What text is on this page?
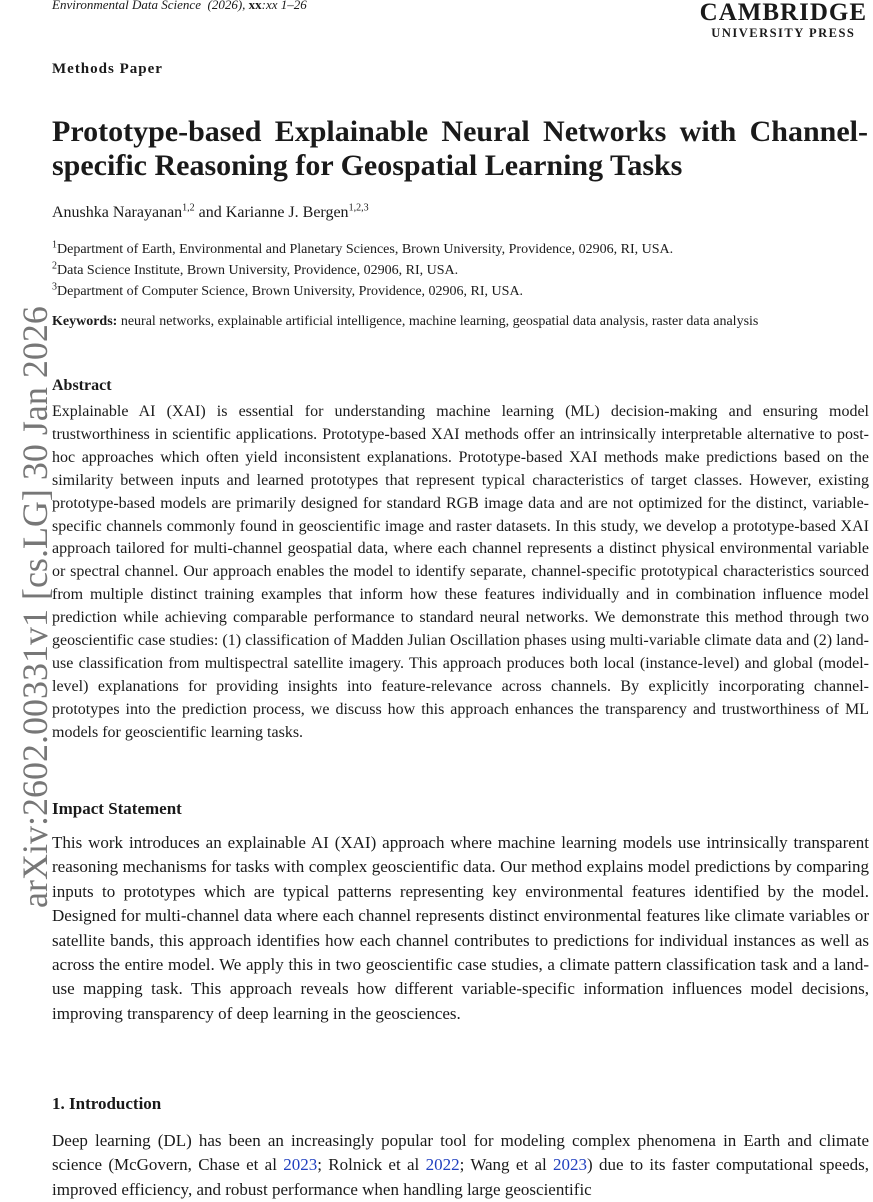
Environmental Data Science (2026), xx:xx 1–26	CAMBRIDGE
UNIVERSITY PRESS
Methods Paper
Prototype-based Explainable Neural Networks with Channel-specific Reasoning for Geospatial Learning Tasks
Anushka Narayanan$^{1,2}$ and Karianne J. Bergen$^{1,2,3}$
$^1$Department of Earth, Environmental and Planetary Sciences, Brown University, Providence, 02906, RI, USA.
$^2$Data Science Institute, Brown University, Providence, 02906, RI, USA.
$^3$Department of Computer Science, Brown University, Providence, 02906, RI, USA.
Keywords: neural networks, explainable artificial intelligence, machine learning, geospatial data analysis, raster data analysis
Abstract
Explainable AI (XAI) is essential for understanding machine learning (ML) decision-making and ensuring model trustworthiness in scientific applications. Prototype-based XAI methods offer an intrinsically interpretable alternative to post-hoc approaches which often yield inconsistent explanations. Prototype-based XAI methods make predictions based on the similarity between inputs and learned prototypes that represent typical characteristics of target classes. However, existing prototype-based models are primarily designed for standard RGB image data and are not optimized for the distinct, variable-specific channels commonly found in geoscientific image and raster datasets. In this study, we develop a prototype-based XAI approach tailored for multi-channel geospatial data, where each channel represents a distinct physical environmental variable or spectral channel. Our approach enables the model to identify separate, channel-specific prototypical characteristics sourced from multiple distinct training examples that inform how these features individually and in combination influence model prediction while achieving comparable performance to standard neural networks. We demonstrate this method through two geoscientific case studies: (1) classification of Madden Julian Oscillation phases using multi-variable climate data and (2) land-use classification from multispectral satellite imagery. This approach produces both local (instance-level) and global (model-level) explanations for providing insights into feature-relevance across channels. By explicitly incorporating channel-prototypes into the prediction process, we discuss how this approach enhances the transparency and trustworthiness of ML models for geoscientific learning tasks.
Impact Statement
This work introduces an explainable AI (XAI) approach where machine learning models use intrinsically transparent reasoning mechanisms for tasks with complex geoscientific data. Our method explains model predictions by comparing inputs to prototypes which are typical patterns representing key environmental features identified by the model. Designed for multi-channel data where each channel represents distinct environmental features like climate variables or satellite bands, this approach identifies how each channel contributes to predictions for individual instances as well as across the entire model. We apply this in two geoscientific case studies, a climate pattern classification task and a land-use mapping task. This approach reveals how different variable-specific information influences model decisions, improving transparency of deep learning in the geosciences.
1. Introduction
Deep learning (DL) has been an increasingly popular tool for modeling complex phenomena in Earth and climate science (McGovern, Chase et al 2023; Rolnick et al 2022; Wang et al 2023) due to its faster computational speeds, improved efficiency, and robust performance when handling large geoscientific
arXiv:2602.00331v1 [cs.LG] 30 Jan 2026
